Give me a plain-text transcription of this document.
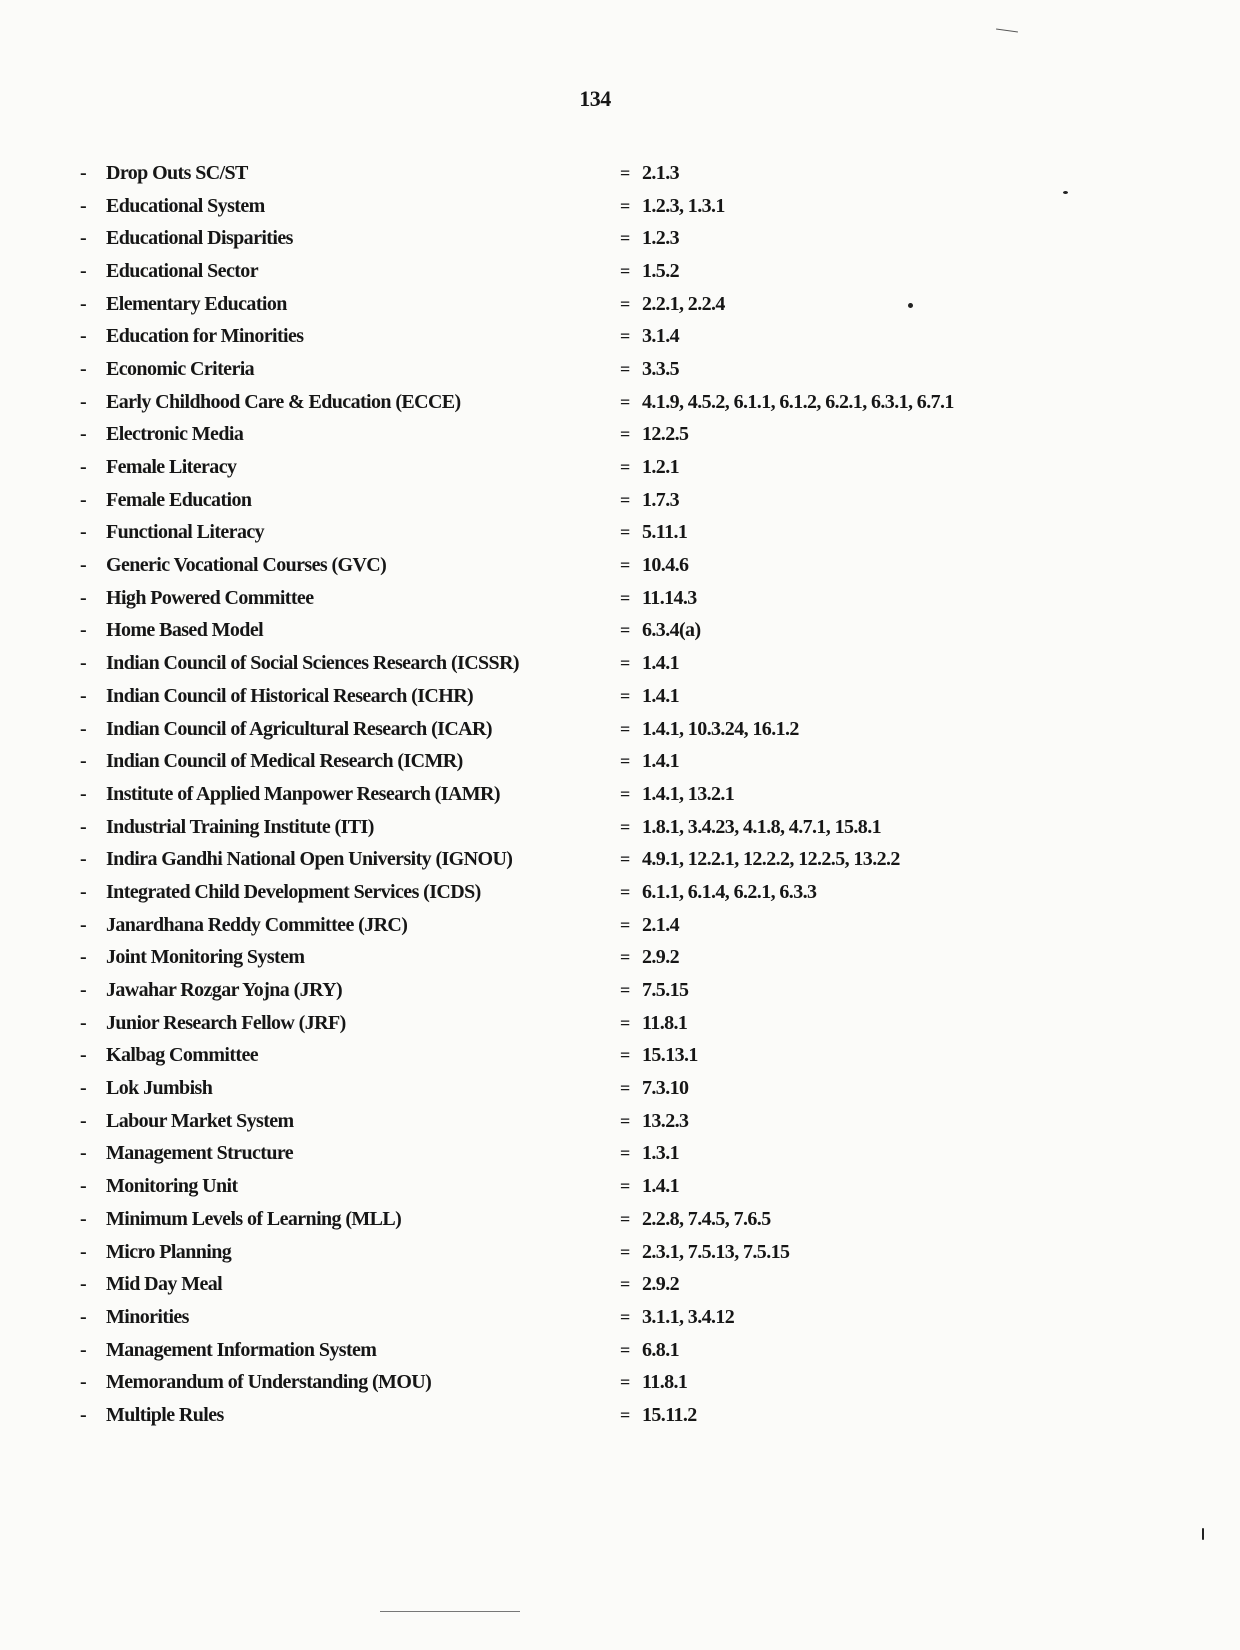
134
- Drop Outs SC/ST	= 2.1.3
- Educational System	= 1.2.3, 1.3.1
- Educational Disparities	= 1.2.3
- Educational Sector	= 1.5.2
- Elementary Education	= 2.2.1, 2.2.4
- Education for Minorities	= 3.1.4
- Economic Criteria	= 3.3.5
- Early Childhood Care & Education (ECCE)	= 4.1.9, 4.5.2, 6.1.1, 6.1.2, 6.2.1, 6.3.1, 6.7.1
- Electronic Media	= 12.2.5
- Female Literacy	= 1.2.1
- Female Education	= 1.7.3
- Functional Literacy	= 5.11.1
- Generic Vocational Courses (GVC)	= 10.4.6
- High Powered Committee	= 11.14.3
- Home Based Model	= 6.3.4(a)
- Indian Council of Social Sciences Research (ICSSR)	= 1.4.1
- Indian Council of Historical Research (ICHR)	= 1.4.1
- Indian Council of Agricultural Research (ICAR)	= 1.4.1, 10.3.24, 16.1.2
- Indian Council of Medical Research (ICMR)	= 1.4.1
- Institute of Applied Manpower Research (IAMR)	= 1.4.1, 13.2.1
- Industrial Training Institute (ITI)	= 1.8.1, 3.4.23, 4.1.8, 4.7.1, 15.8.1
- Indira Gandhi National Open University (IGNOU)	= 4.9.1, 12.2.1, 12.2.2, 12.2.5, 13.2.2
- Integrated Child Development Services (ICDS)	= 6.1.1, 6.1.4, 6.2.1, 6.3.3
- Janardhana Reddy Committee (JRC)	= 2.1.4
- Joint Monitoring System	= 2.9.2
- Jawahar Rozgar Yojna (JRY)	= 7.5.15
- Junior Research Fellow (JRF)	= 11.8.1
- Kalbag Committee	= 15.13.1
- Lok Jumbish	= 7.3.10
- Labour Market System	= 13.2.3
- Management Structure	= 1.3.1
- Monitoring Unit	= 1.4.1
- Minimum Levels of Learning (MLL)	= 2.2.8, 7.4.5, 7.6.5
- Micro Planning	= 2.3.1, 7.5.13, 7.5.15
- Mid Day Meal	= 2.9.2
- Minorities	= 3.1.1, 3.4.12
- Management Information System	= 6.8.1
- Memorandum of Understanding (MOU)	= 11.8.1
- Multiple Rules	= 15.11.2
